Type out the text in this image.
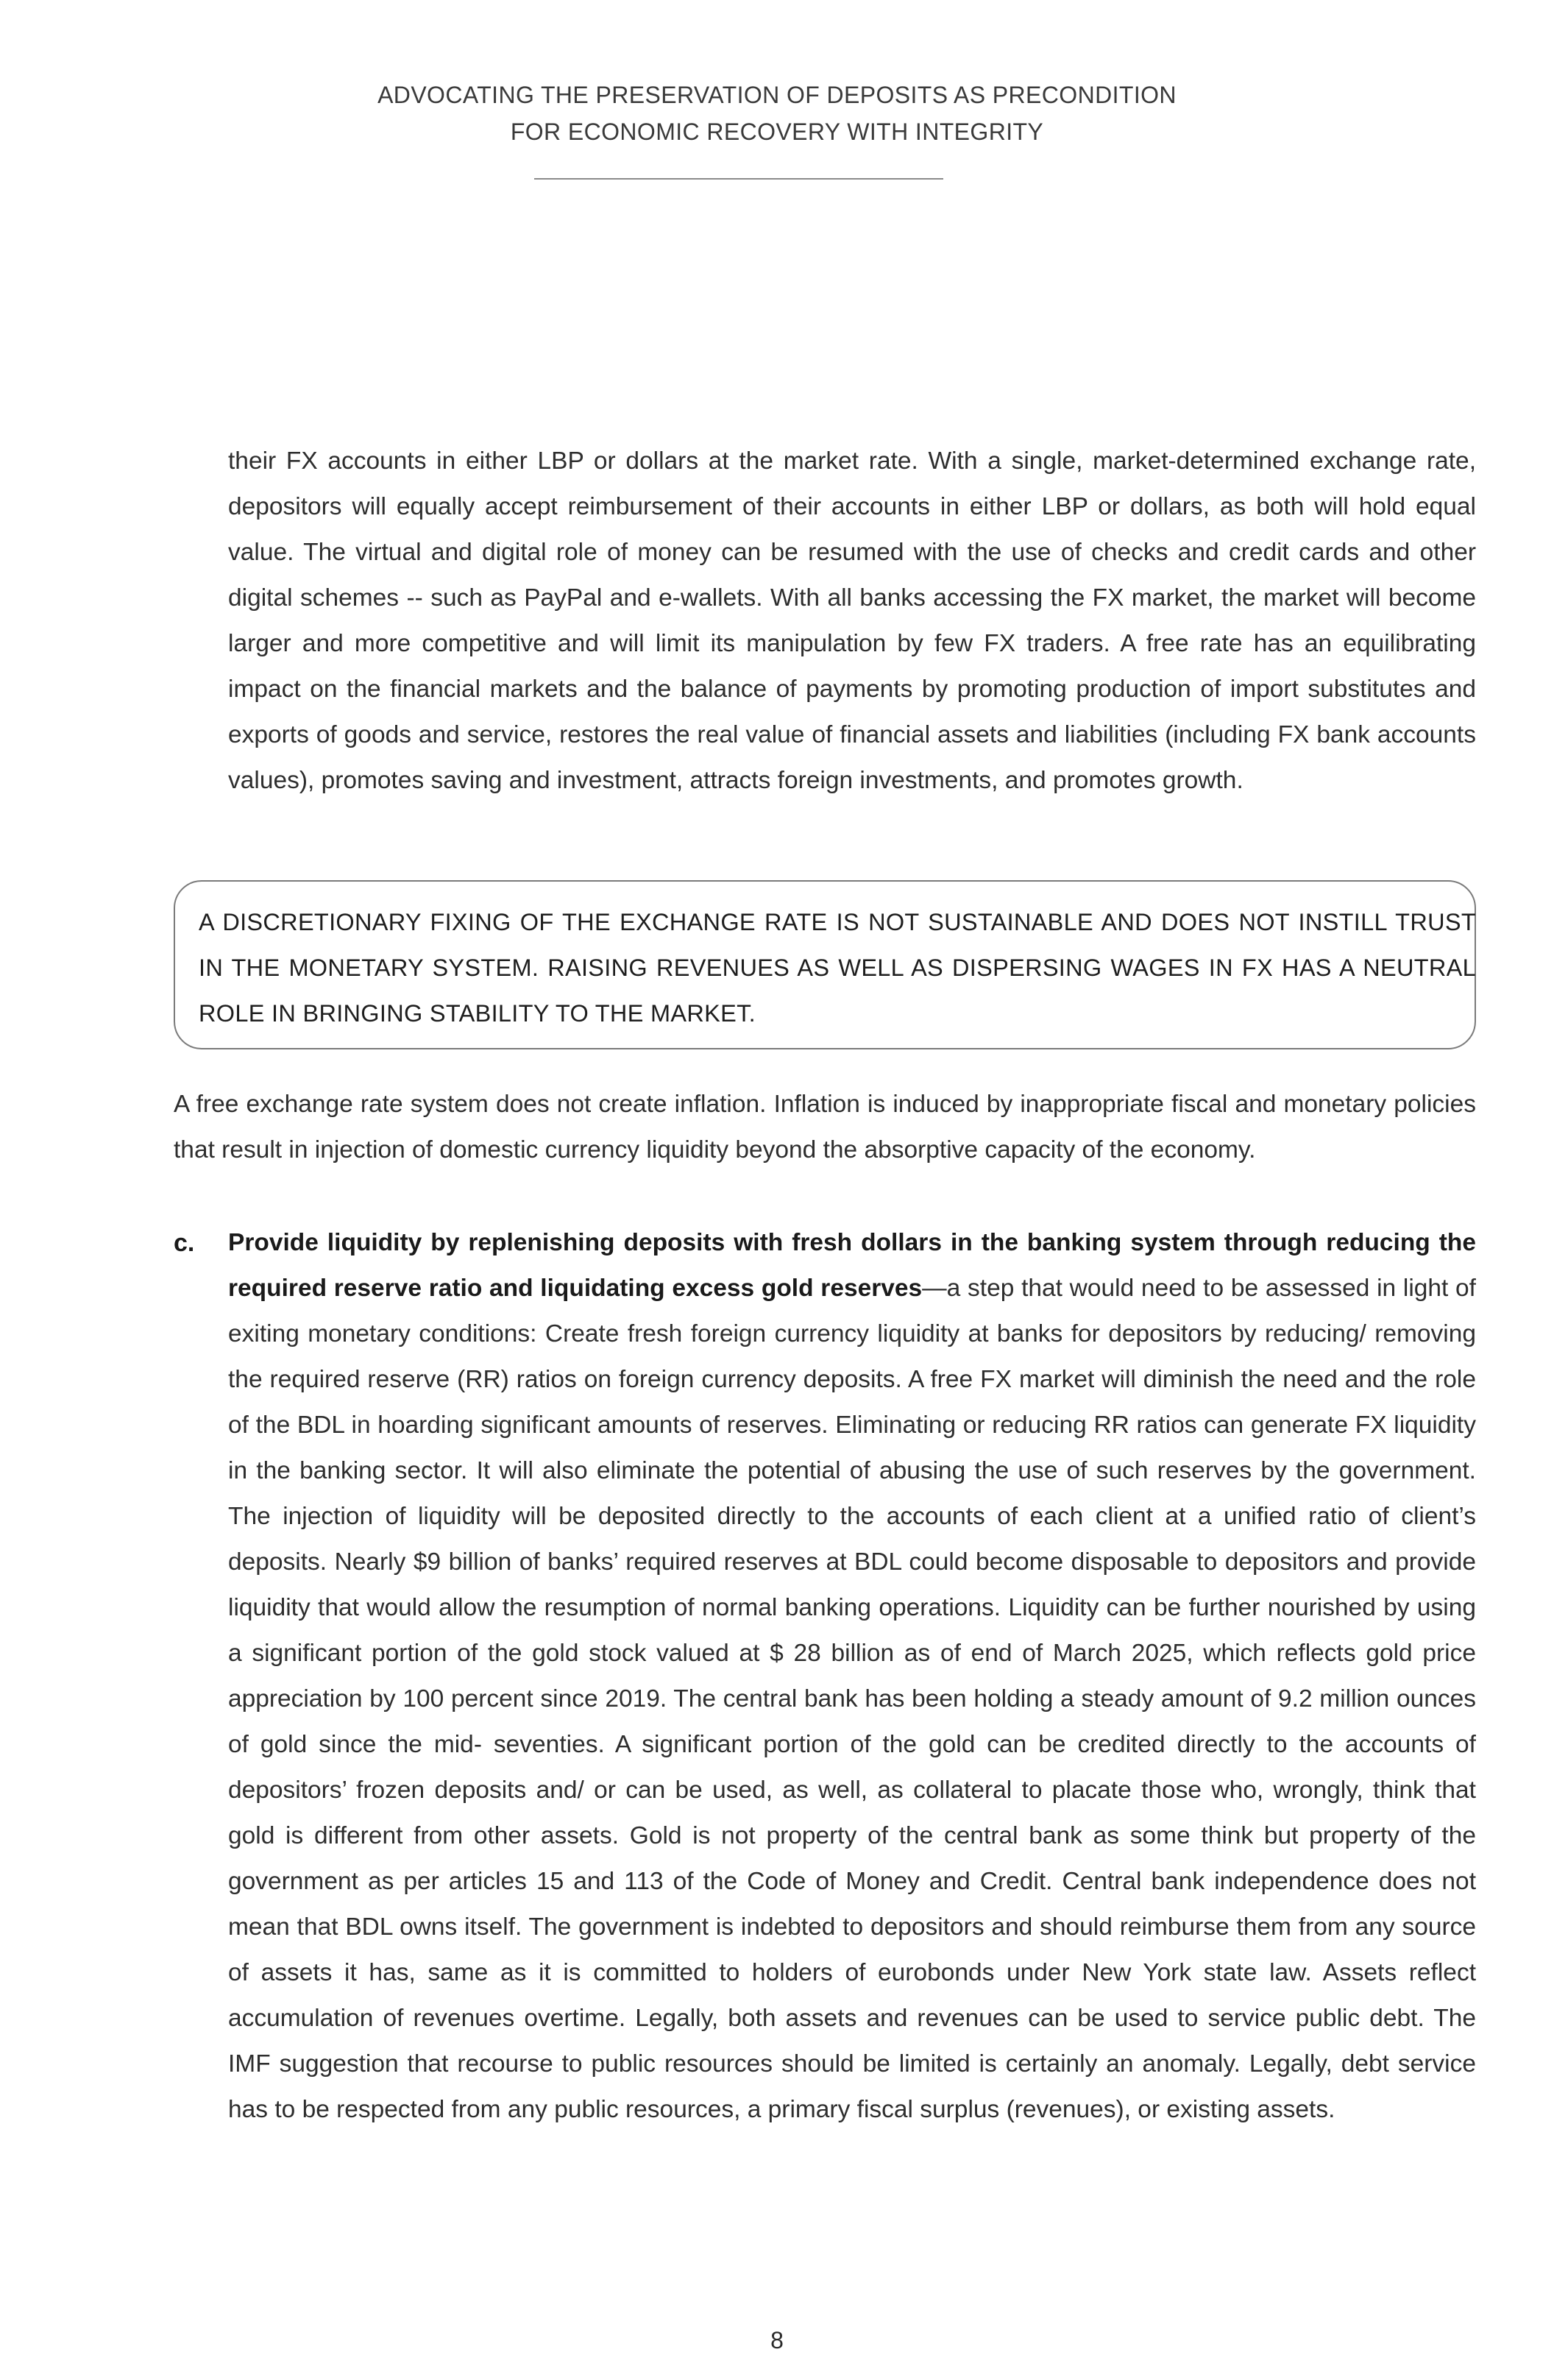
ADVOCATING THE PRESERVATION OF DEPOSITS AS PRECONDITION
FOR ECONOMIC RECOVERY WITH INTEGRITY

their FX accounts in either LBP or dollars at the market rate. With a single, market-determined exchange rate, depositors will equally accept reimbursement of their accounts in either LBP or dollars, as both will hold equal value. The virtual and digital role of money can be resumed with the use of checks and credit cards and other digital schemes -- such as PayPal and e-wallets. With all banks accessing the FX market, the market will become larger and more competitive and will limit its manipulation by few FX traders. A free rate has an equilibrating impact on the financial markets and the balance of payments by promoting production of import substitutes and exports of goods and service, restores the real value of financial assets and liabilities (including FX bank accounts values), promotes saving and investment, attracts foreign investments, and promotes growth.

A DISCRETIONARY FIXING OF THE EXCHANGE RATE IS NOT SUSTAINABLE AND DOES NOT INSTILL TRUST IN THE MONETARY SYSTEM. RAISING REVENUES AS WELL AS DISPERSING WAGES IN FX HAS A NEUTRAL ROLE IN BRINGING STABILITY TO THE MARKET.

A free exchange rate system does not create inflation. Inflation is induced by inappropriate fiscal and monetary policies that result in injection of domestic currency liquidity beyond the absorptive capacity of the economy.

c. Provide liquidity by replenishing deposits with fresh dollars in the banking system through reducing the required reserve ratio and liquidating excess gold reserves—a step that would need to be assessed in light of exiting monetary conditions: Create fresh foreign currency liquidity at banks for depositors by reducing/ removing the required reserve (RR) ratios on foreign currency deposits. A free FX market will diminish the need and the role of the BDL in hoarding significant amounts of reserves. Eliminating or reducing RR ratios can generate FX liquidity in the banking sector. It will also eliminate the potential of abusing the use of such reserves by the government. The injection of liquidity will be deposited directly to the accounts of each client at a unified ratio of client’s deposits. Nearly $9 billion of banks’ required reserves at BDL could become disposable to depositors and provide liquidity that would allow the resumption of normal banking operations. Liquidity can be further nourished by using a significant portion of the gold stock valued at $ 28 billion as of end of March 2025, which reflects gold price appreciation by 100 percent since 2019. The central bank has been holding a steady amount of 9.2 million ounces of gold since the mid- seventies. A significant portion of the gold can be credited directly to the accounts of depositors’ frozen deposits and/ or can be used, as well, as collateral to placate those who, wrongly, think that gold is different from other assets. Gold is not property of the central bank as some think but property of the government as per articles 15 and 113 of the Code of Money and Credit. Central bank independence does not mean that BDL owns itself. The government is indebted to depositors and should reimburse them from any source of assets it has, same as it is committed to holders of eurobonds under New York state law. Assets reflect accumulation of revenues overtime. Legally, both assets and revenues can be used to service public debt. The IMF suggestion that recourse to public resources should be limited is certainly an anomaly. Legally, debt service has to be respected from any public resources, a primary fiscal surplus (revenues), or existing assets.

8
